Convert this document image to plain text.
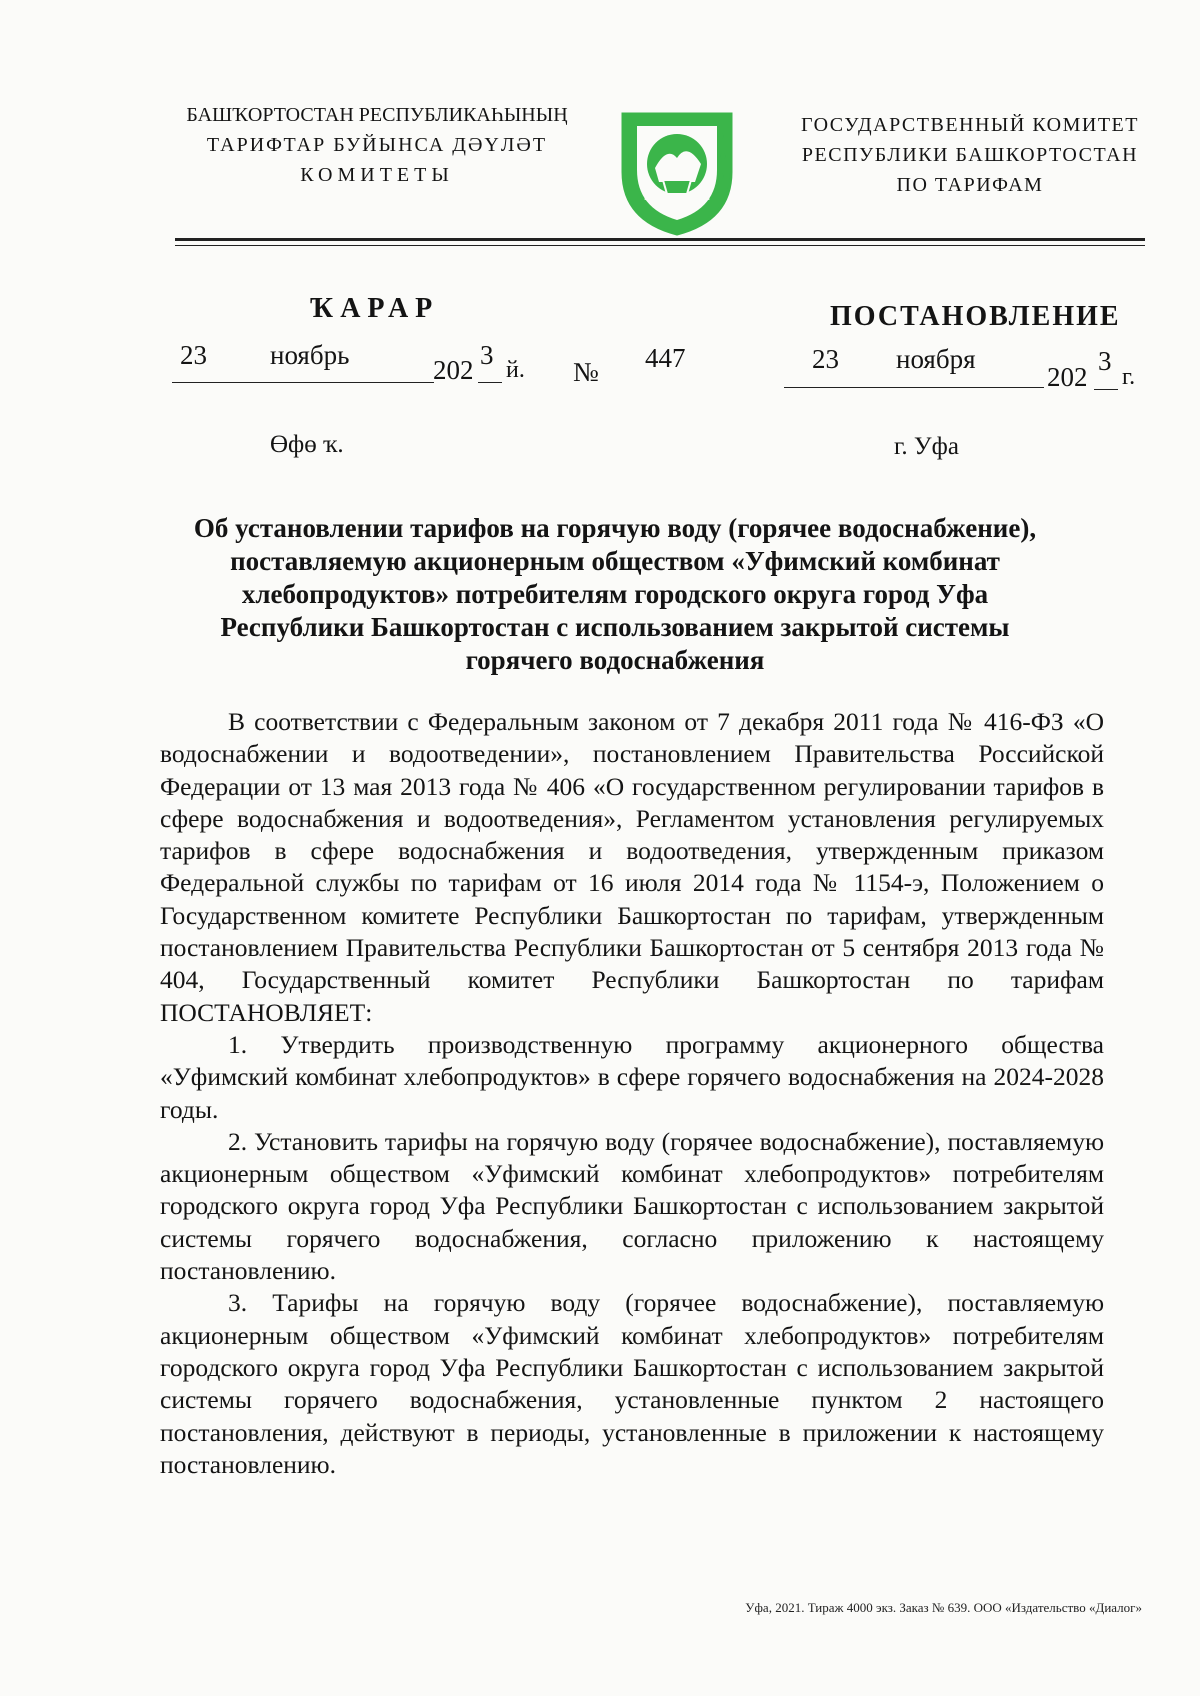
БАШҠОРТОСТАН РЕСПУБЛИКАҺЫНЫҢ
ТАРИФТАР БУЙЫНСА ДӘҮЛӘТ
КОМИТЕТЫ
ГОСУДАРСТВЕННЫЙ КОМИТЕТ
РЕСПУБЛИКИ БАШКОРТОСТАН
ПО ТАРИФАМ
ҠАРАР	ПОСТАНОВЛЕНИЕ
23 ноябрь	202 3 й. № 447	23 ноября
202
3
г.
Өфө ҡ.	г. Уфа
Об установлении тарифов на горячую воду (горячее водоснабжение),
поставляемую акционерным обществом «Уфимский комбинат
хлебопродуктов» потребителям городского округа город Уфа
Республики Башкортостан с использованием закрытой системы
горячего водоснабжения

В соответствии с Федеральным законом от 7 декабря 2011 года № 416-ФЗ «О водоснабжении и водоотведении», постановлением Правительства Российской Федерации от 13 мая 2013 года № 406 «О государственном регулировании тарифов в сфере водоснабжения и водоотведения», Регламентом установления регулируемых тарифов в сфере водоснабжения и водоотведения, утвержденным приказом Федеральной службы по тарифам от 16 июля 2014 года № 1154-э, Положением о Государственном комитете Республики Башкортостан по тарифам, утвержденным постановлением Правительства Республики Башкортостан от 5 сентября 2013 года № 404, Государственный комитет Республики Башкортостан по тарифам ПОСТАНОВЛЯЕТ:

1. Утвердить производственную программу акционерного общества «Уфимский комбинат хлебопродуктов» в сфере горячего водоснабжения на 2024-2028 годы.

2. Установить тарифы на горячую воду (горячее водоснабжение), поставляемую акционерным обществом «Уфимский комбинат хлебопродуктов» потребителям городского округа город Уфа Республики Башкортостан с использованием закрытой системы горячего водоснабжения, согласно приложению к настоящему постановлению.

3. Тарифы на горячую воду (горячее водоснабжение), поставляемую акционерным обществом «Уфимский комбинат хлебопродуктов» потребителям городского округа город Уфа Республики Башкортостан с использованием закрытой системы горячего водоснабжения, установленные пунктом 2 настоящего постановления, действуют в периоды, установленные в приложении к настоящему постановлению.

Уфа, 2021. Тираж 4000 экз. Заказ № 639. ООО «Издательство «Диалог»
